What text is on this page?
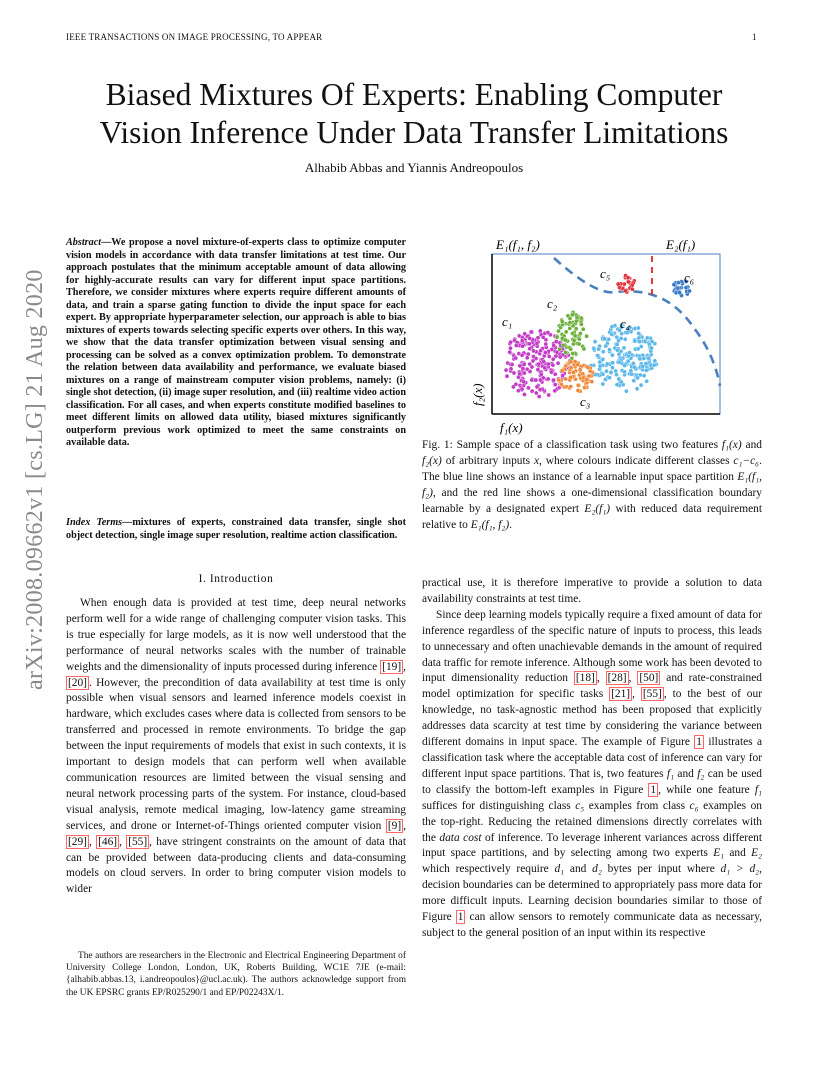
IEEE TRANSACTIONS ON IMAGE PROCESSING, TO APPEAR	1
arXiv:2008.09662v1 [cs.LG] 21 Aug 2020
Biased Mixtures Of Experts: Enabling Computer
Vision Inference Under Data Transfer Limitations
Alhabib Abbas and Yiannis Andreopoulos
Abstract—We propose a novel mixture-of-experts class to optimize computer vision models in accordance with data transfer limitations at test time. Our approach postulates that the minimum acceptable amount of data allowing for highly-accurate results can vary for different input space partitions. Therefore, we consider mixtures where experts require different amounts of data, and train a sparse gating function to divide the input space for each expert. By appropriate hyperparameter selection, our approach is able to bias mixtures of experts towards selecting specific experts over others. In this way, we show that the data transfer optimization between visual sensing and processing can be solved as a convex optimization problem. To demonstrate the relation between data availability and performance, we evaluate biased mixtures on a range of mainstream computer vision problems, namely: (i) single shot detection, (ii) image super resolution, and (iii) realtime video action classification. For all cases, and when experts constitute modified baselines to meet different limits on allowed data utility, biased mixtures significantly outperform previous work optimized to meet the same constraints on available data.
Index Terms—mixtures of experts, constrained data transfer, single shot object detection, single image super resolution, realtime action classification.
I. Introduction

When enough data is provided at test time, deep neural networks perform well for a wide range of challenging computer vision tasks. This is true especially for large models, as it is now well understood that the performance of neural networks scales with the number of trainable weights and the dimensionality of inputs processed during inference [19] , [20] . However, the precondition of data availability at test time is only possible when visual sensors and learned inference models coexist in hardware, which excludes cases where data is collected from sensors to be transferred and processed in remote environments. To bridge the gap between the input requirements of models that exist in such contexts, it is important to design models that can perform well when available communication resources are limited between the visual sensing and neural network processing parts of the system. For instance, cloud-based visual analysis, remote medical imaging, low-latency game streaming services, and drone or Internet-of-Things oriented computer vision [9] , [29] , [46] , [55] , have stringent constraints on the amount of data that can be provided between data-producing clients and data-consuming models on cloud servers. In order to bring computer vision models to wider

The authors are researchers in the Electronic and Electrical Engineering Department of University College London, London, UK, Roberts Building, WC1E 7JE (e-mail: {alhabib.abbas.13, i.andreopoulos}@ucl.ac.uk). The authors acknowledge support from the UK EPSRC grants EP/R025290/1 and EP/P02243X/1.

E₁(f₁, f₂)	E₂(f₁)
c₁
c₂
c₃
c₄
c₅	c₆
f₁(x)
f₂(x)
Fig. 1: Sample space of a classification task using two features f₁(x) and f₂(x) of arbitrary inputs x, where colours indicate different classes c₁−c₆. The blue line shows an instance of a learnable input space partition E₁(f₁, f₂), and the red line shows a one-dimensional classification boundary learnable by a designated expert E₂(f₁) with reduced data requirement relative to E₁(f₁, f₂).

practical use, it is therefore imperative to provide a solution to data availability constraints at test time.

Since deep learning models typically require a fixed amount of data for inference regardless of the specific nature of inputs to process, this leads to unnecessary and often unachievable demands in the amount of required data traffic for remote inference. Although some work has been devoted to input dimensionality reduction [18] , [28] , [50] and rate-constrained model optimization for specific tasks [21] , [55] , to the best of our knowledge, no task-agnostic method has been proposed that explicitly addresses data scarcity at test time by considering the variance between different domains in input space. The example of Figure 1 illustrates a classification task where the acceptable data cost of inference can vary for different input space partitions. That is, two features f₁ and f₂ can be used to classify the bottom-left examples in Figure 1 , while one feature f₁ suffices for distinguishing class c₅ examples from class c₆ examples on the top-right. Reducing the retained dimensions directly correlates with the data cost of inference. To leverage inherent variances across different input space partitions, and by selecting among two experts E₁ and E₂ which respectively require d₁ and d₂ bytes per input where d₁ > d₂, decision boundaries can be determined to appropriately pass more data for more difficult inputs. Learning decision boundaries similar to those of Figure 1 can allow sensors to remotely communicate data as necessary, subject to the general position of an input within its respective
